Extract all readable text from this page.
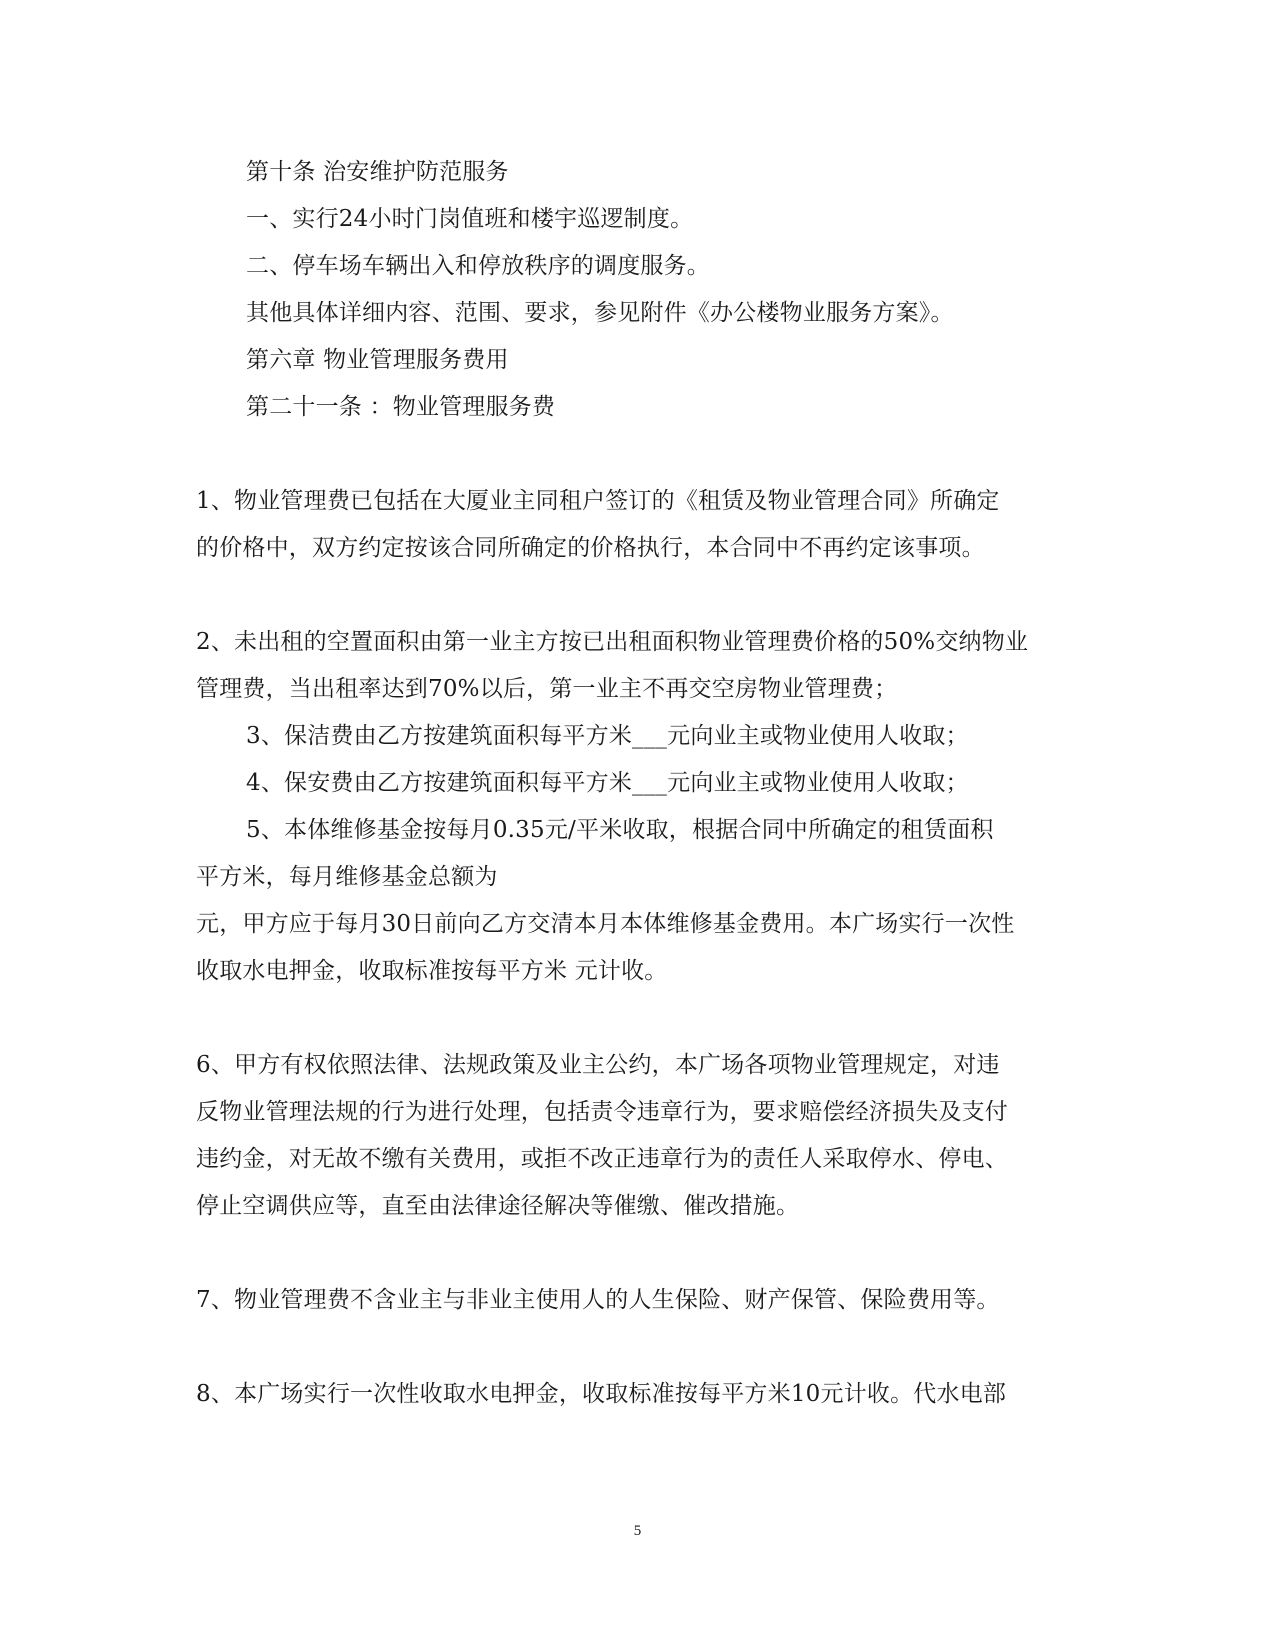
第十条 治安维护防范服务
一、实行24小时门岗值班和楼宇巡逻制度。
二、停车场车辆出入和停放秩序的调度服务。
其他具体详细内容、范围、要求，参见附件《办公楼物业服务方案》。
第六章 物业管理服务费用
第二十一条 ：物业管理服务费
1、物业管理费已包括在大厦业主同租户签订的《租赁及物业管理合同》所确定
的价格中，双方约定按该合同所确定的价格执行，本合同中不再约定该事项。
2、未出租的空置面积由第一业主方按已出租面积物业管理费价格的50%交纳物业
管理费，当出租率达到70%以后，第一业主不再交空房物业管理费；
3、保洁费由乙方按建筑面积每平方米___元向业主或物业使用人收取；
4、保安费由乙方按建筑面积每平方米___元向业主或物业使用人收取；
5、本体维修基金按每月0.35元/平米收取，根据合同中所确定的租赁面积
平方米，每月维修基金总额为
元，甲方应于每月30日前向乙方交清本月本体维修基金费用。本广场实行一次性
收取水电押金，收取标准按每平方米 元计收。
6、甲方有权依照法律、法规政策及业主公约，本广场各项物业管理规定，对违
反物业管理法规的行为进行处理，包括责令违章行为，要求赔偿经济损失及支付
违约金，对无故不缴有关费用，或拒不改正违章行为的责任人采取停水、停电、
停止空调供应等，直至由法律途径解决等催缴、催改措施。
7、物业管理费不含业主与非业主使用人的人生保险、财产保管、保险费用等。
8、本广场实行一次性收取水电押金，收取标准按每平方米10元计收。代水电部
5
